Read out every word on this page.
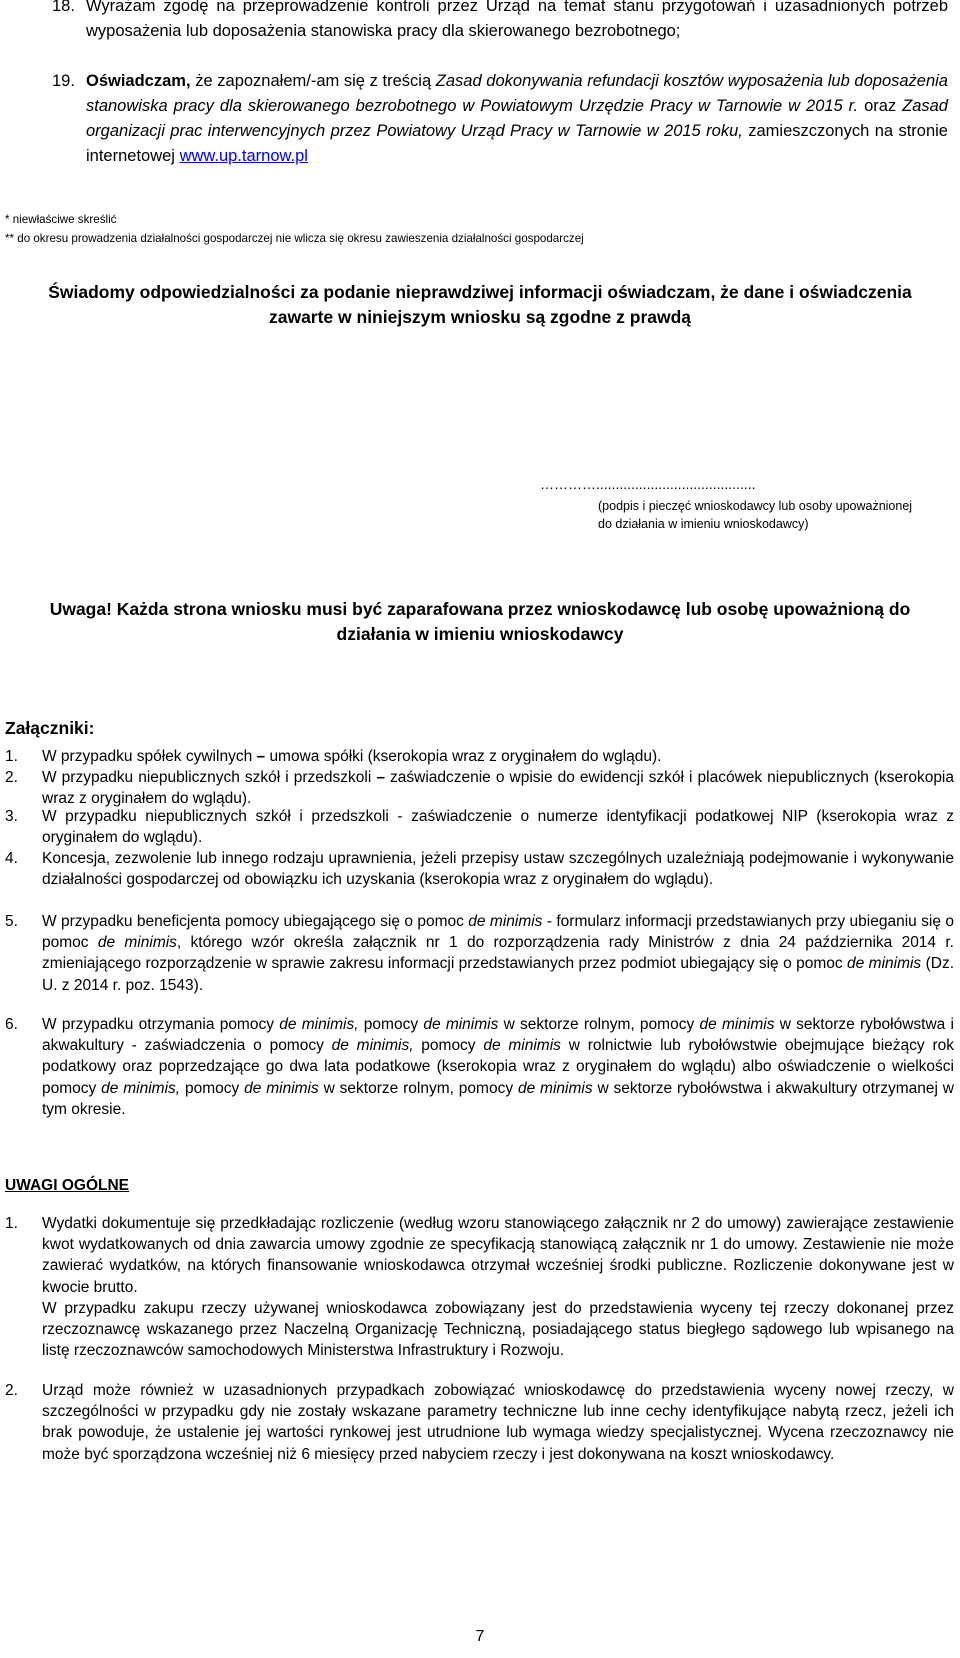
18. Wyrażam zgodę na przeprowadzenie kontroli przez Urząd na temat stanu przygotowań i uzasadnionych potrzeb wyposażenia lub doposażenia stanowiska pracy dla skierowanego bezrobotnego;
19. Oświadczam, że zapoznałem/-am się z treścią Zasad dokonywania refundacji kosztów wyposażenia lub doposażenia stanowiska pracy dla skierowanego bezrobotnego w Powiatowym Urzędzie Pracy w Tarnowie w 2015 r. oraz Zasad organizacji prac interwencyjnych przez Powiatowy Urząd Pracy w Tarnowie w 2015 roku, zamieszczonych na stronie internetowej www.up.tarnow.pl
* niewłaściwe skreślić
** do okresu prowadzenia działalności gospodarczej nie wlicza się okresu zawieszenia działalności gospodarczej
Świadomy odpowiedzialności za podanie nieprawdziwej informacji oświadczam, że dane i oświadczenia zawarte w niniejszym wniosku są zgodne z prawdą
………….........................................
(podpis i pieczęć wnioskodawcy lub osoby upoważnionej do działania w imieniu wnioskodawcy)
Uwaga! Każda strona wniosku musi być zaparafowana przez wnioskodawcę lub osobę upoważnioną do działania w imieniu wnioskodawcy
Załączniki:
1.	W przypadku spółek cywilnych – umowa spółki (kserokopia wraz z oryginałem do wglądu).
2.	W przypadku niepublicznych szkół i przedszkoli – zaświadczenie o wpisie do ewidencji szkół i placówek niepublicznych (kserokopia wraz z oryginałem do wglądu).
3.	W przypadku niepublicznych szkół i przedszkoli - zaświadczenie o numerze identyfikacji podatkowej NIP (kserokopia wraz z oryginałem do wglądu).
4.	Koncesja, zezwolenie lub innego rodzaju uprawnienia, jeżeli przepisy ustaw szczególnych uzależniają podejmowanie i wykonywanie działalności gospodarczej od obowiązku ich uzyskania (kserokopia wraz z oryginałem do wglądu).
5.	W przypadku beneficjenta pomocy ubiegającego się o pomoc de minimis - formularz informacji przedstawianych przy ubieganiu się o pomoc de minimis, którego wzór określa załącznik nr 1 do rozporządzenia rady Ministrów z dnia 24 października 2014 r. zmieniającego rozporządzenie w sprawie zakresu informacji przedstawianych przez podmiot ubiegający się o pomoc de minimis (Dz. U. z 2014 r. poz. 1543).
6.	W przypadku otrzymania pomocy de minimis, pomocy de minimis w sektorze rolnym, pomocy de minimis w sektorze rybołówstwa i akwakultury - zaświadczenia o pomocy de minimis, pomocy de minimis w rolnictwie lub rybołówstwie obejmujące bieżący rok podatkowy oraz poprzedzające go dwa lata podatkowe (kserokopia wraz z oryginałem do wglądu) albo oświadczenie o wielkości pomocy de minimis, pomocy de minimis w sektorze rolnym, pomocy de minimis w sektorze rybołówstwa i akwakultury otrzymanej w tym okresie.
UWAGI OGÓLNE
1.	Wydatki dokumentuje się przedkładając rozliczenie (według wzoru stanowiącego załącznik nr 2 do umowy) zawierające zestawienie kwot wydatkowanych od dnia zawarcia umowy zgodnie ze specyfikacją stanowiącą załącznik nr 1 do umowy. Zestawienie nie może zawierać wydatków, na których finansowanie wnioskodawca otrzymał wcześniej środki publiczne. Rozliczenie dokonywane jest w kwocie brutto.
W przypadku zakupu rzeczy używanej wnioskodawca zobowiązany jest do przedstawienia wyceny tej rzeczy dokonanej przez rzeczoznawcę wskazanego przez Naczelną Organizację Techniczną, posiadającego status biegłego sądowego lub wpisanego na listę rzeczoznawców samochodowych Ministerstwa Infrastruktury i Rozwoju.
2.	Urząd może również w uzasadnionych przypadkach zobowiązać wnioskodawcę do przedstawienia wyceny nowej rzeczy, w szczególności w przypadku gdy nie zostały wskazane parametry techniczne lub inne cechy identyfikujące nabytą rzecz, jeżeli ich brak powoduje, że ustalenie jej wartości rynkowej jest utrudnione lub wymaga wiedzy specjalistycznej. Wycena rzeczoznawcy nie może być sporządzona wcześniej niż 6 miesięcy przed nabyciem rzeczy i jest dokonywana na koszt wnioskodawcy.
7
